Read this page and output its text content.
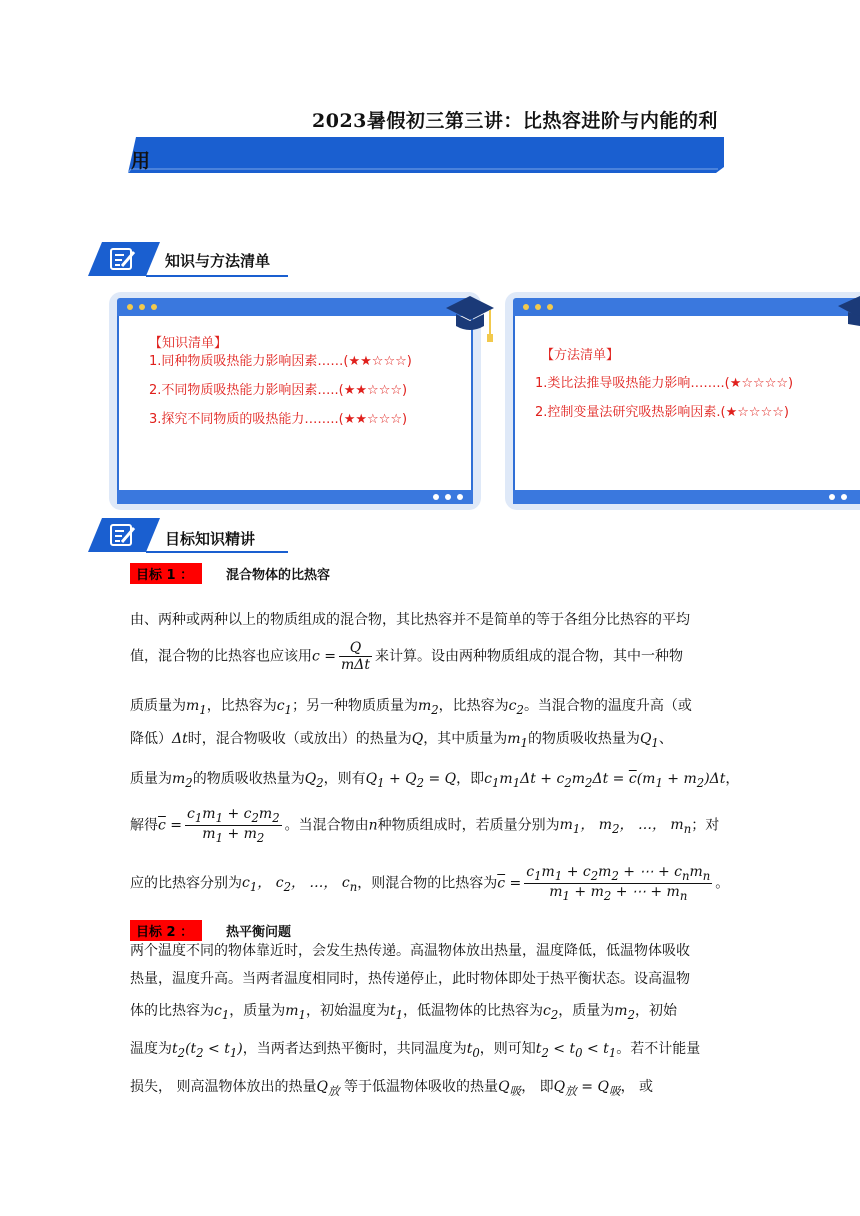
2023暑假初三第三讲：比热容进阶与内能的利
用
知识与方法清单
【知识清单】
1.同种物质吸热能力影响因素……(★★☆☆☆)
2.不同物质吸热能力影响因素…..(★★☆☆☆)
3.探究不同物质的吸热能力……..(★★☆☆☆)
【方法清单】
1.类比法推导吸热能力影响……..(★☆☆☆☆)
2.控制变量法研究吸热影响因素.(★☆☆☆☆)
目标知识精讲
目标 1 ：	混合物体的比热容
由、两种或两种以上的物质组成的混合物，其比热容并不是简单的等于各组分比热容的平均
值，混合物的比热容也应该用$c = \frac{Q}{\text{mΔt}}$ 来计算。设由两种物质组成的混合物，其中一种物
质质量为$m_1$，比热容为$c_1$；另一种物质质量为$m_2$，比热容为$c_2$。当混合物的温度升高（或
降低）Δt时，混合物吸收（或放出）的热量为Q，其中质量为$m_1$的物质吸收热量为$Q_1$、
质量为$m_2$的物质吸收热量为$Q_2$，则有$Q_1 + Q_2 = Q$，即$c_1m_1\Delta t + c_2m_2\Delta t = \overline{c}(m_1 + m_2)\Delta t$，
解得$\overline{c} = \frac{c_1m_1 + c_2m_2}{m_1 + m_2}$ 。当混合物由n种物质组成时，若质量分别为$m_1$， $m_2$， …， $m_n$；对
应的比热容分别为$c_1$， $c_2$， …， $c_n$，则混合物的比热容为$\overline{c} = \frac{c_1m_1 + c_2m_2 + \cdots + c_nm_n}{m_1 + m_2 + \cdots + m_n}$ 。
目标 2 ：	热平衡问题
两个温度不同的物体靠近时，会发生热传递。高温物体放出热量，温度降低，低温物体吸收
热量，温度升高。当两者温度相同时，热传递停止，此时物体即处于热平衡状态。设高温物
体的比热容为$c_1$，质量为$m_1$，初始温度为$t_1$，低温物体的比热容为$c_2$，质量为$m_2$，初始
温度为$t_2(t_2 < t_1)$，当两者达到热平衡时，共同温度为$t_0$，则可知$t_2 < t_0 < t_1$。若不计能量
损失， 则高温物体放出的热量$Q_放$ 等于低温物体吸收的热量$Q_吸$， 即$Q_放 = Q_吸$， 或
